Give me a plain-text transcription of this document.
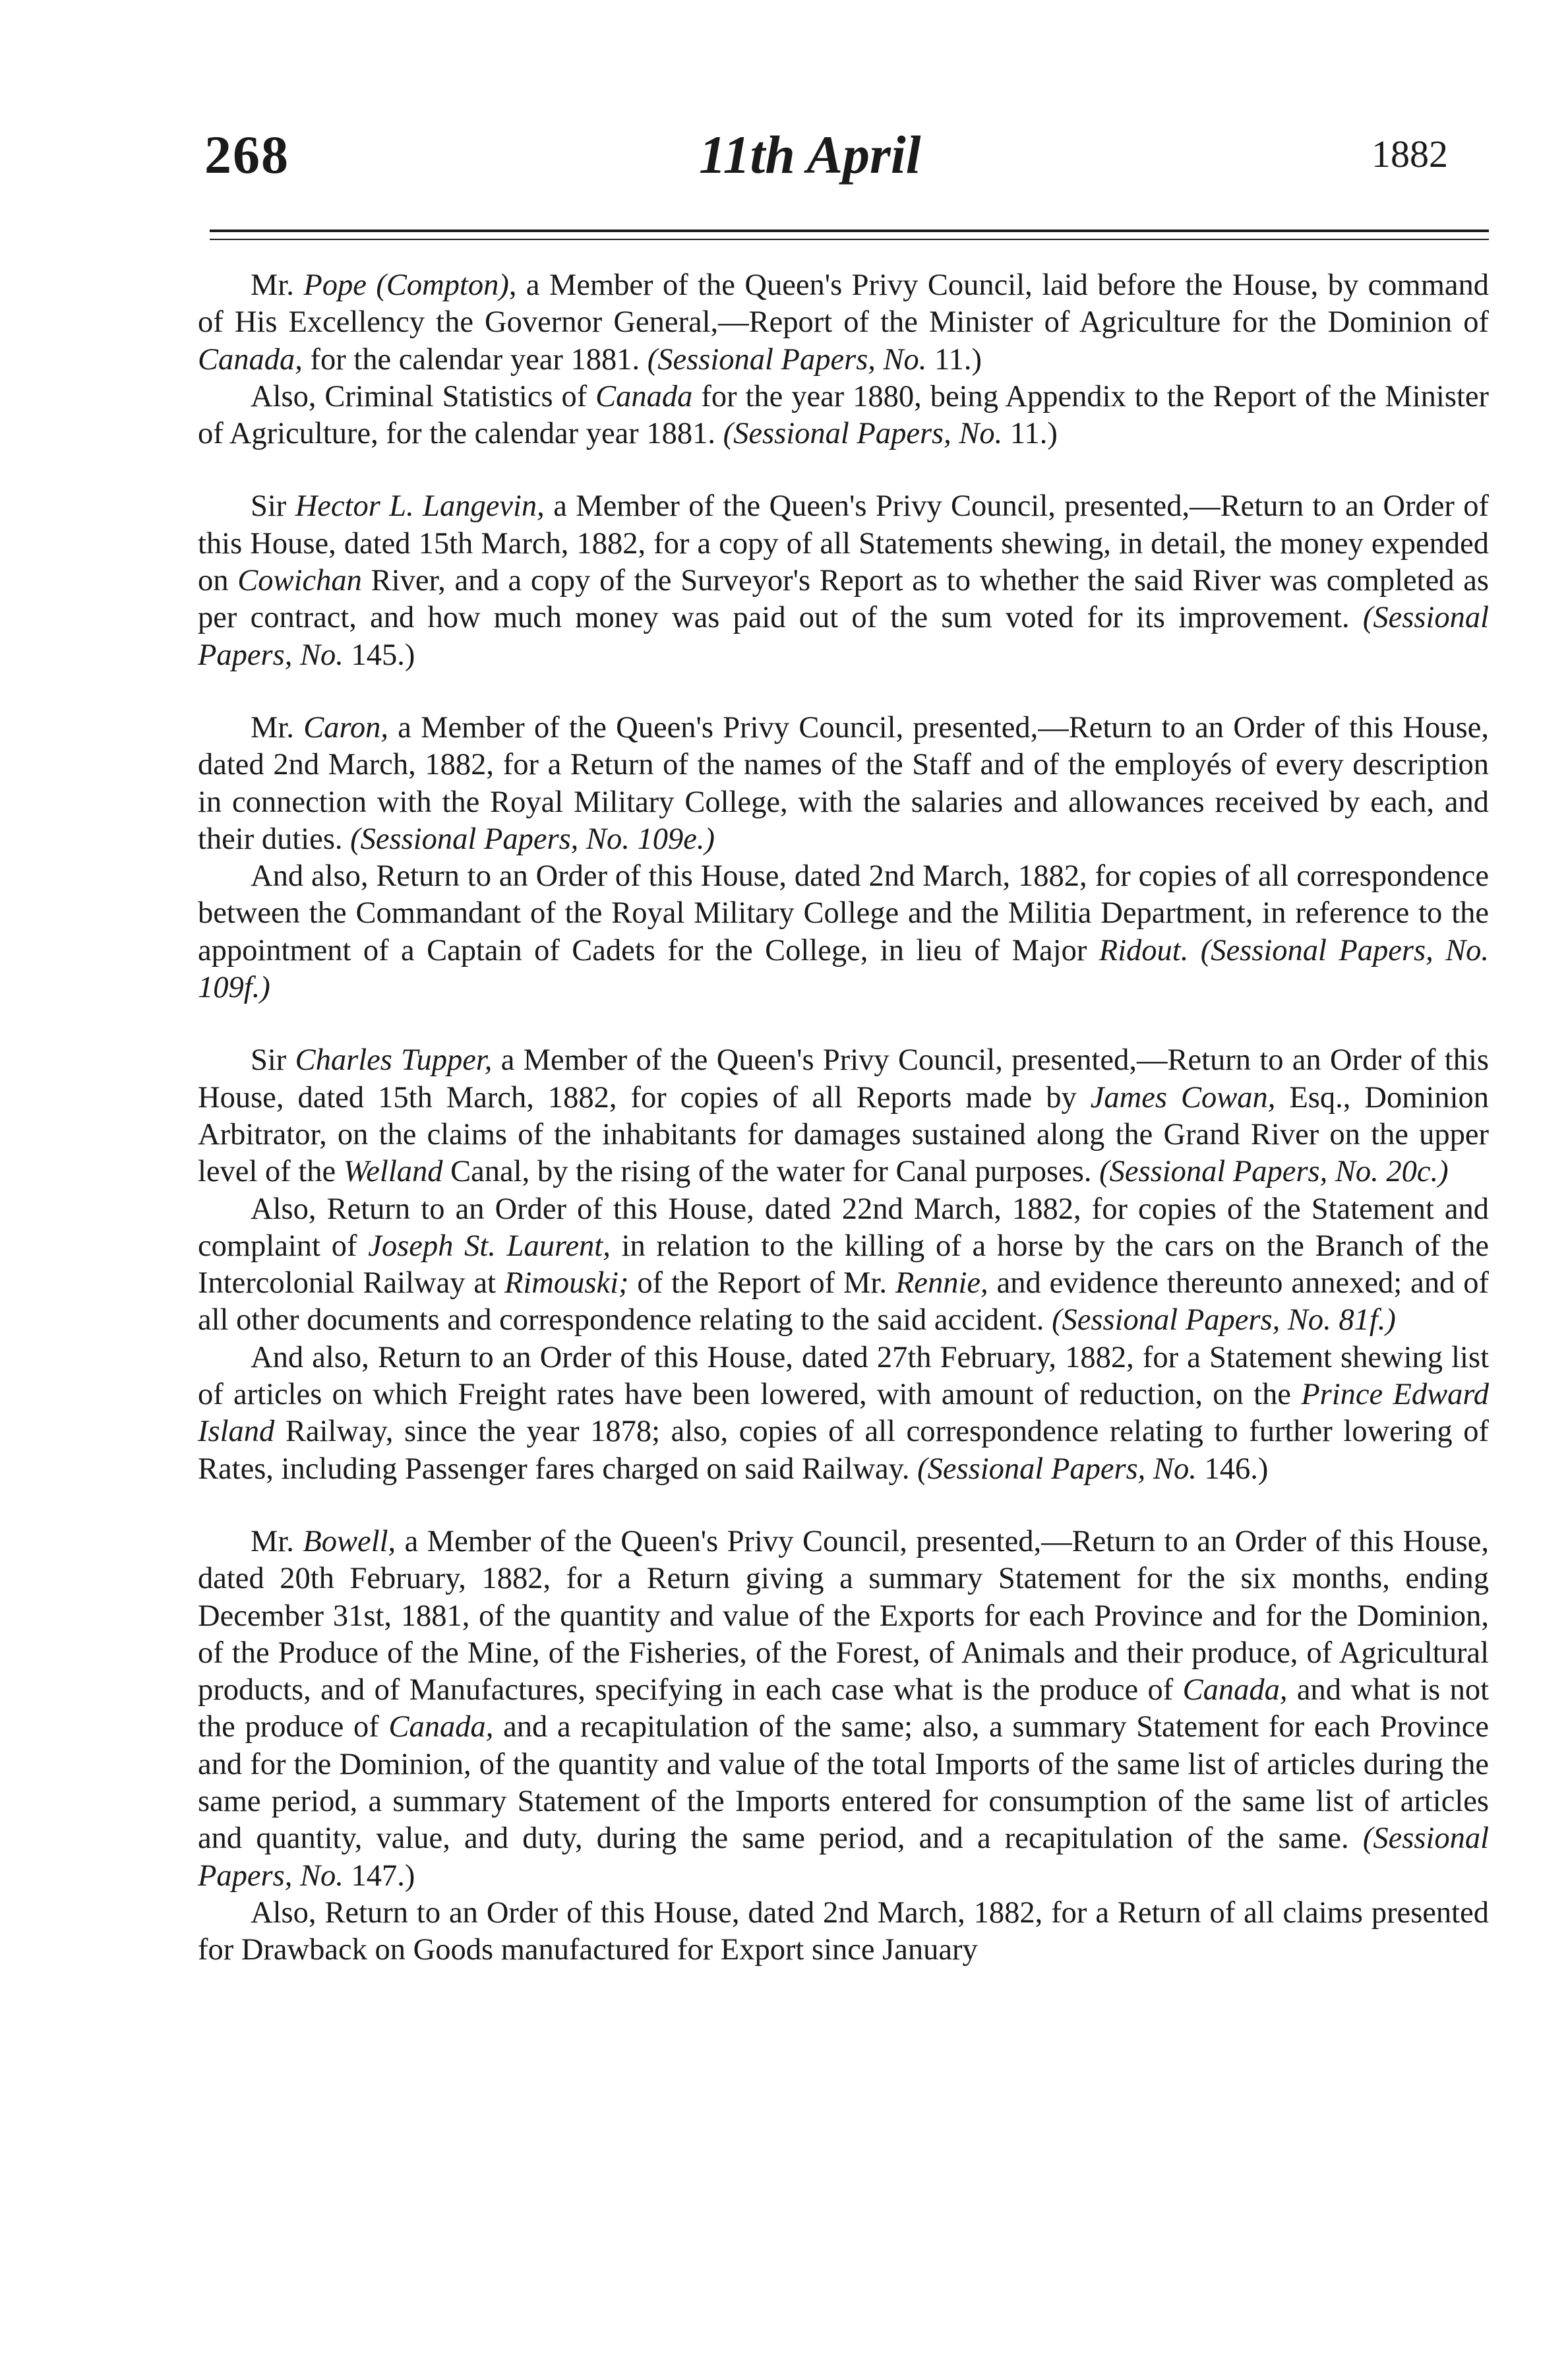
268	11th April	1882

Mr. Pope (Compton), a Member of the Queen's Privy Council, laid before the House, by command of His Excellency the Governor General,—Report of the Minister of Agriculture for the Dominion of Canada, for the calendar year 1881. (Sessional Papers, No. 11.)

Also, Criminal Statistics of Canada for the year 1880, being Appendix to the Report of the Minister of Agriculture, for the calendar year 1881. (Sessional Papers, No. 11.)

Sir Hector L. Langevin, a Member of the Queen's Privy Council, presented,—Return to an Order of this House, dated 15th March, 1882, for a copy of all Statements shewing, in detail, the money expended on Cowichan River, and a copy of the Surveyor's Report as to whether the said River was completed as per contract, and how much money was paid out of the sum voted for its improvement. (Sessional Papers, No. 145.)

Mr. Caron, a Member of the Queen's Privy Council, presented,—Return to an Order of this House, dated 2nd March, 1882, for a Return of the names of the Staff and of the employés of every description in connection with the Royal Military College, with the salaries and allowances received by each, and their duties. (Sessional Papers, No. 109e.)

And also, Return to an Order of this House, dated 2nd March, 1882, for copies of all correspondence between the Commandant of the Royal Military College and the Militia Department, in reference to the appointment of a Captain of Cadets for the College, in lieu of Major Ridout. (Sessional Papers, No. 109f.)

Sir Charles Tupper, a Member of the Queen's Privy Council, presented,—Return to an Order of this House, dated 15th March, 1882, for copies of all Reports made by James Cowan, Esq., Dominion Arbitrator, on the claims of the inhabitants for damages sustained along the Grand River on the upper level of the Welland Canal, by the rising of the water for Canal purposes. (Sessional Papers, No. 20c.)

Also, Return to an Order of this House, dated 22nd March, 1882, for copies of the Statement and complaint of Joseph St. Laurent, in relation to the killing of a horse by the cars on the Branch of the Intercolonial Railway at Rimouski; of the Report of Mr. Rennie, and evidence thereunto annexed; and of all other documents and correspondence relating to the said accident. (Sessional Papers, No. 81f.)

And also, Return to an Order of this House, dated 27th February, 1882, for a Statement shewing list of articles on which Freight rates have been lowered, with amount of reduction, on the Prince Edward Island Railway, since the year 1878; also, copies of all correspondence relating to further lowering of Rates, including Passenger fares charged on said Railway. (Sessional Papers, No. 146.)

Mr. Bowell, a Member of the Queen's Privy Council, presented,—Return to an Order of this House, dated 20th February, 1882, for a Return giving a summary Statement for the six months, ending December 31st, 1881, of the quantity and value of the Exports for each Province and for the Dominion, of the Produce of the Mine, of the Fisheries, of the Forest, of Animals and their produce, of Agricultural products, and of Manufactures, specifying in each case what is the produce of Canada, and what is not the produce of Canada, and a recapitulation of the same; also, a summary Statement for each Province and for the Dominion, of the quantity and value of the total Imports of the same list of articles during the same period, a summary Statement of the Imports entered for consumption of the same list of articles and quantity, value, and duty, during the same period, and a recapitulation of the same. (Sessional Papers, No. 147.)

Also, Return to an Order of this House, dated 2nd March, 1882, for a Return of all claims presented for Drawback on Goods manufactured for Export since January
